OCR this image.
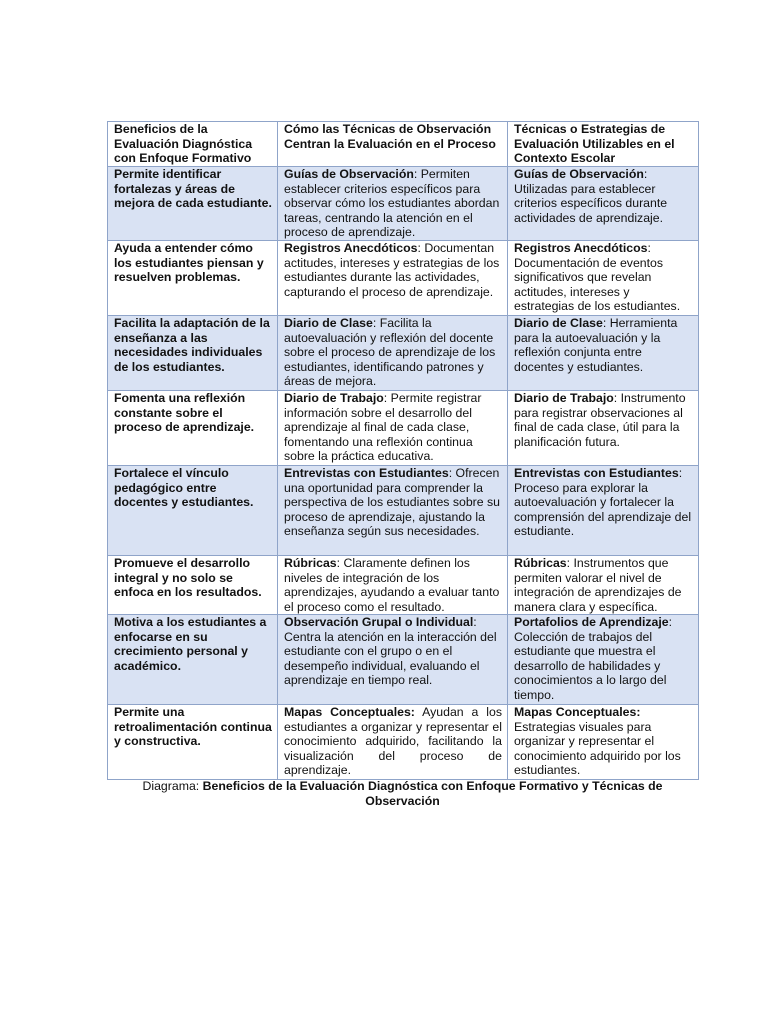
Beneficios de la Evaluación Diagnóstica con Enfoque Formativo	Cómo las Técnicas de Observación Centran la Evaluación en el Proceso	Técnicas o Estrategias de Evaluación Utilizables en el Contexto Escolar
Permite identificar fortalezas y áreas de mejora de cada estudiante.	Guías de Observación: Permiten establecer criterios específicos para observar cómo los estudiantes abordan tareas, centrando la atención en el proceso de aprendizaje.	Guías de Observación: Utilizadas para establecer criterios específicos durante actividades de aprendizaje.
Ayuda a entender cómo los estudiantes piensan y resuelven problemas.	Registros Anecdóticos: Documentan actitudes, intereses y estrategias de los estudiantes durante las actividades, capturando el proceso de aprendizaje.	Registros Anecdóticos: Documentación de eventos significativos que revelan actitudes, intereses y estrategias de los estudiantes.
Facilita la adaptación de la enseñanza a las necesidades individuales de los estudiantes.	Diario de Clase: Facilita la autoevaluación y reflexión del docente sobre el proceso de aprendizaje de los estudiantes, identificando patrones y áreas de mejora.	Diario de Clase: Herramienta para la autoevaluación y la reflexión conjunta entre docentes y estudiantes.
Fomenta una reflexión constante sobre el proceso de aprendizaje.	Diario de Trabajo: Permite registrar información sobre el desarrollo del aprendizaje al final de cada clase, fomentando una reflexión continua sobre la práctica educativa.	Diario de Trabajo: Instrumento para registrar observaciones al final de cada clase, útil para la planificación futura.
Fortalece el vínculo pedagógico entre docentes y estudiantes.	Entrevistas con Estudiantes: Ofrecen una oportunidad para comprender la perspectiva de los estudiantes sobre su proceso de aprendizaje, ajustando la enseñanza según sus necesidades.	Entrevistas con Estudiantes: Proceso para explorar la autoevaluación y fortalecer la comprensión del aprendizaje del estudiante.
Promueve el desarrollo integral y no solo se enfoca en los resultados.	Rúbricas: Claramente definen los niveles de integración de los aprendizajes, ayudando a evaluar tanto el proceso como el resultado.	Rúbricas: Instrumentos que permiten valorar el nivel de integración de aprendizajes de manera clara y específica.
Motiva a los estudiantes a enfocarse en su crecimiento personal y académico.	Observación Grupal o Individual: Centra la atención en la interacción del estudiante con el grupo o en el desempeño individual, evaluando el aprendizaje en tiempo real.	Portafolios de Aprendizaje: Colección de trabajos del estudiante que muestra el desarrollo de habilidades y conocimientos a lo largo del tiempo.
Permite una retroalimentación continua y constructiva.	Mapas Conceptuales: Ayudan a los estudiantes a organizar y representar el conocimiento adquirido, facilitando la visualización del proceso de aprendizaje.	Mapas Conceptuales: Estrategias visuales para organizar y representar el conocimiento adquirido por los estudiantes.
Diagrama: Beneficios de la Evaluación Diagnóstica con Enfoque Formativo y Técnicas de Observación
